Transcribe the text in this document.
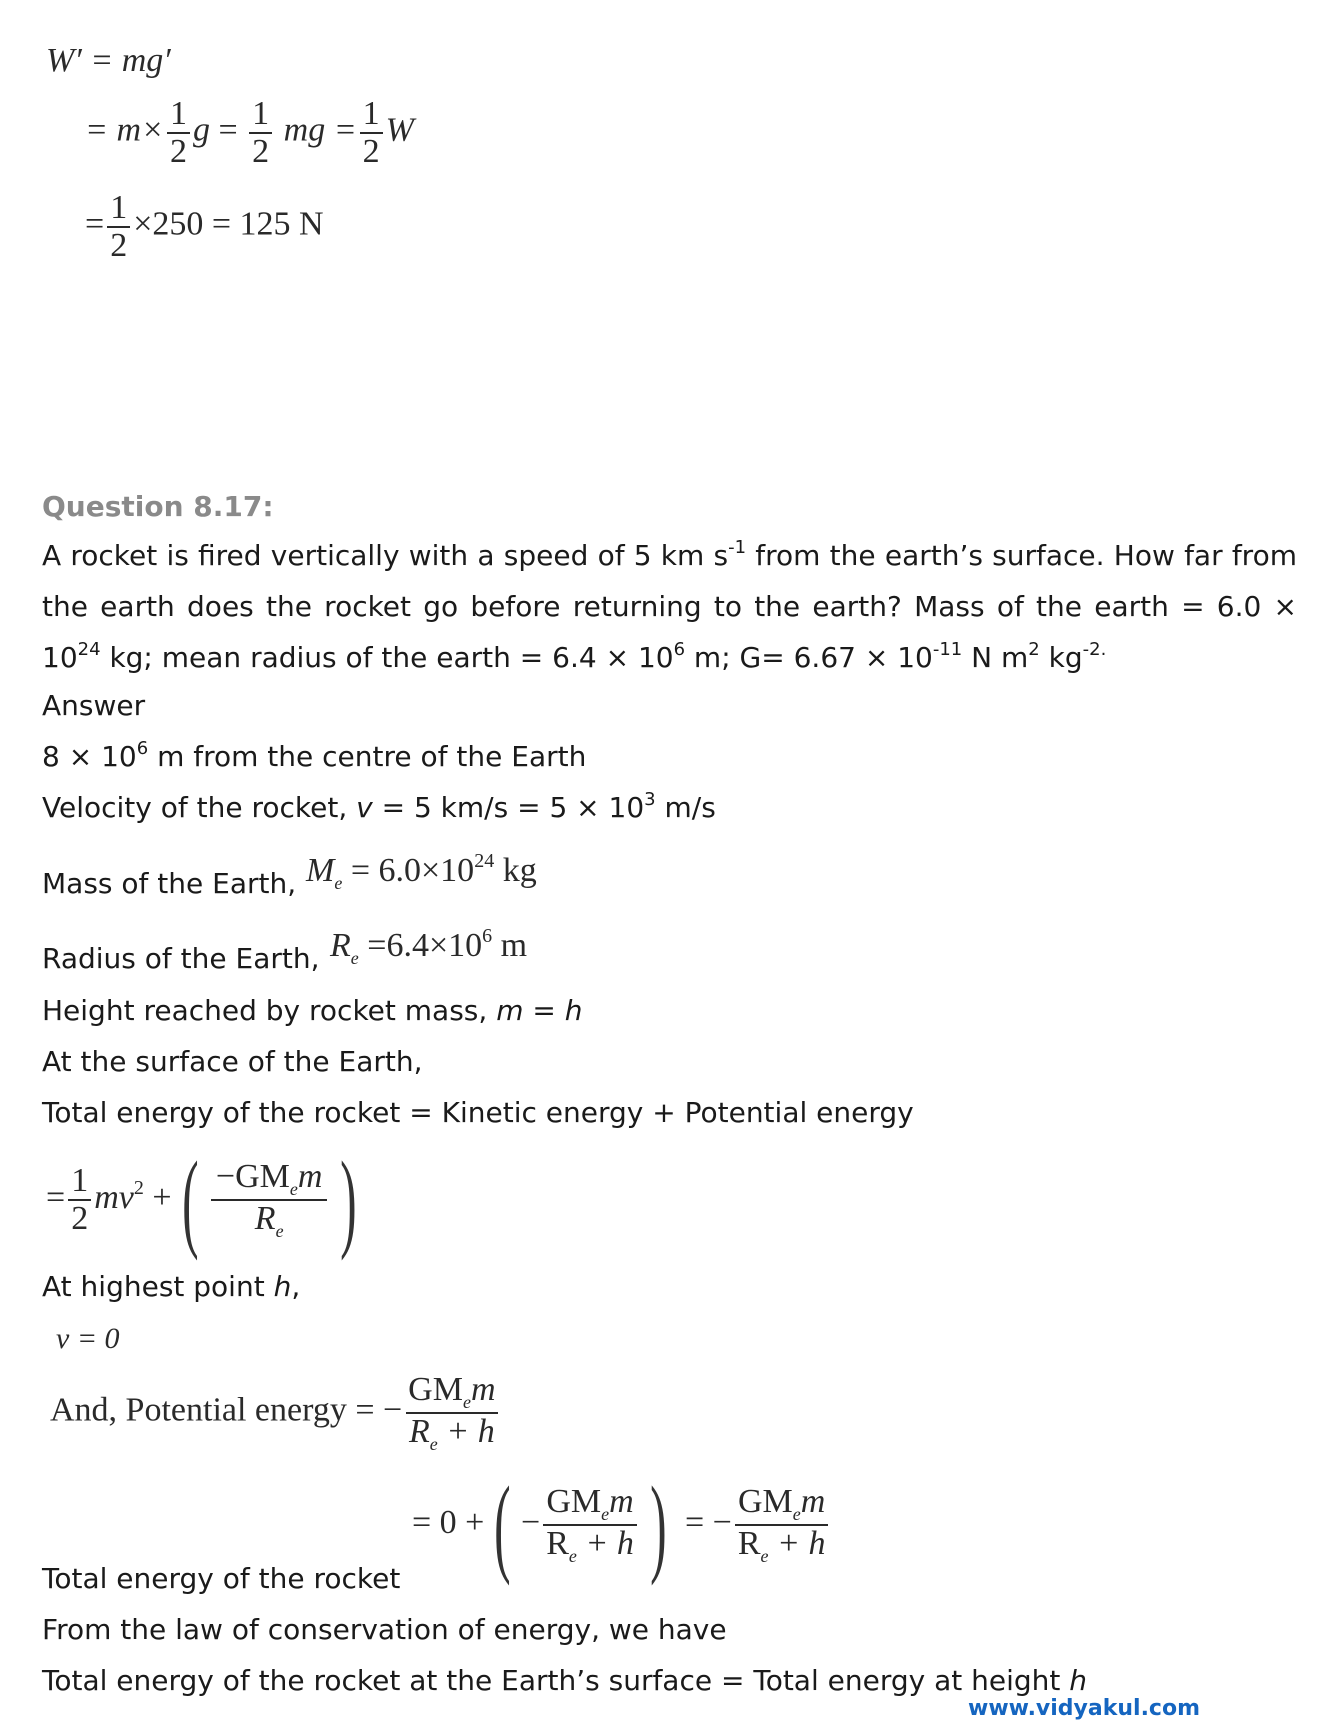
W′ = mg′
= $m\times \frac{1}{2}$ $g = \frac{1}{2}$ mg = $\frac{1}{2}$ W
= $\frac{1}{2} \times 250 = 125$ N
Question 8.17:
A rocket is fired vertically with a speed of 5 km $s^{-1}$ from the earth’s surface. How far from the earth does the rocket go before returning to the earth? Mass of the earth = $6.0 \times 10^{24}$ kg; mean radius of the earth = $6.4 \times 10^6$ m; $G= 6.67 \times 10^{-11}$ N $m^2$ $kg^{-2.}$
Answer
$8 \times 10^6$ m from the centre of the Earth
Velocity of the rocket, v = 5 $km/s = 5 \times 10^3$ m/s
Mass of the Earth, $M_e = 6.0\times 10^{24}$ kg
Radius of the Earth, $R_e =6.4\times 10^6$ m
Height reached by rocket mass, m = h
At the surface of the Earth,
Total energy of the rocket = Kinetic energy + Potential energy
= $\frac{1}{2} mv^2$ +( $\frac{-GM_em}{R_e}$ )
At highest point h,
v = 0
And, Potential energy = − $\frac{GM_em}{R_e + h}$
= 0 +( − $\frac{GM_em}{R_e + h}$ ) = − $\frac{GM_em}{R_e + h}$
Total energy of the rocket
From the law of conservation of energy, we have
Total energy of the rocket at the Earth’s surface = Total energy at height h
www.vidyakul.com
